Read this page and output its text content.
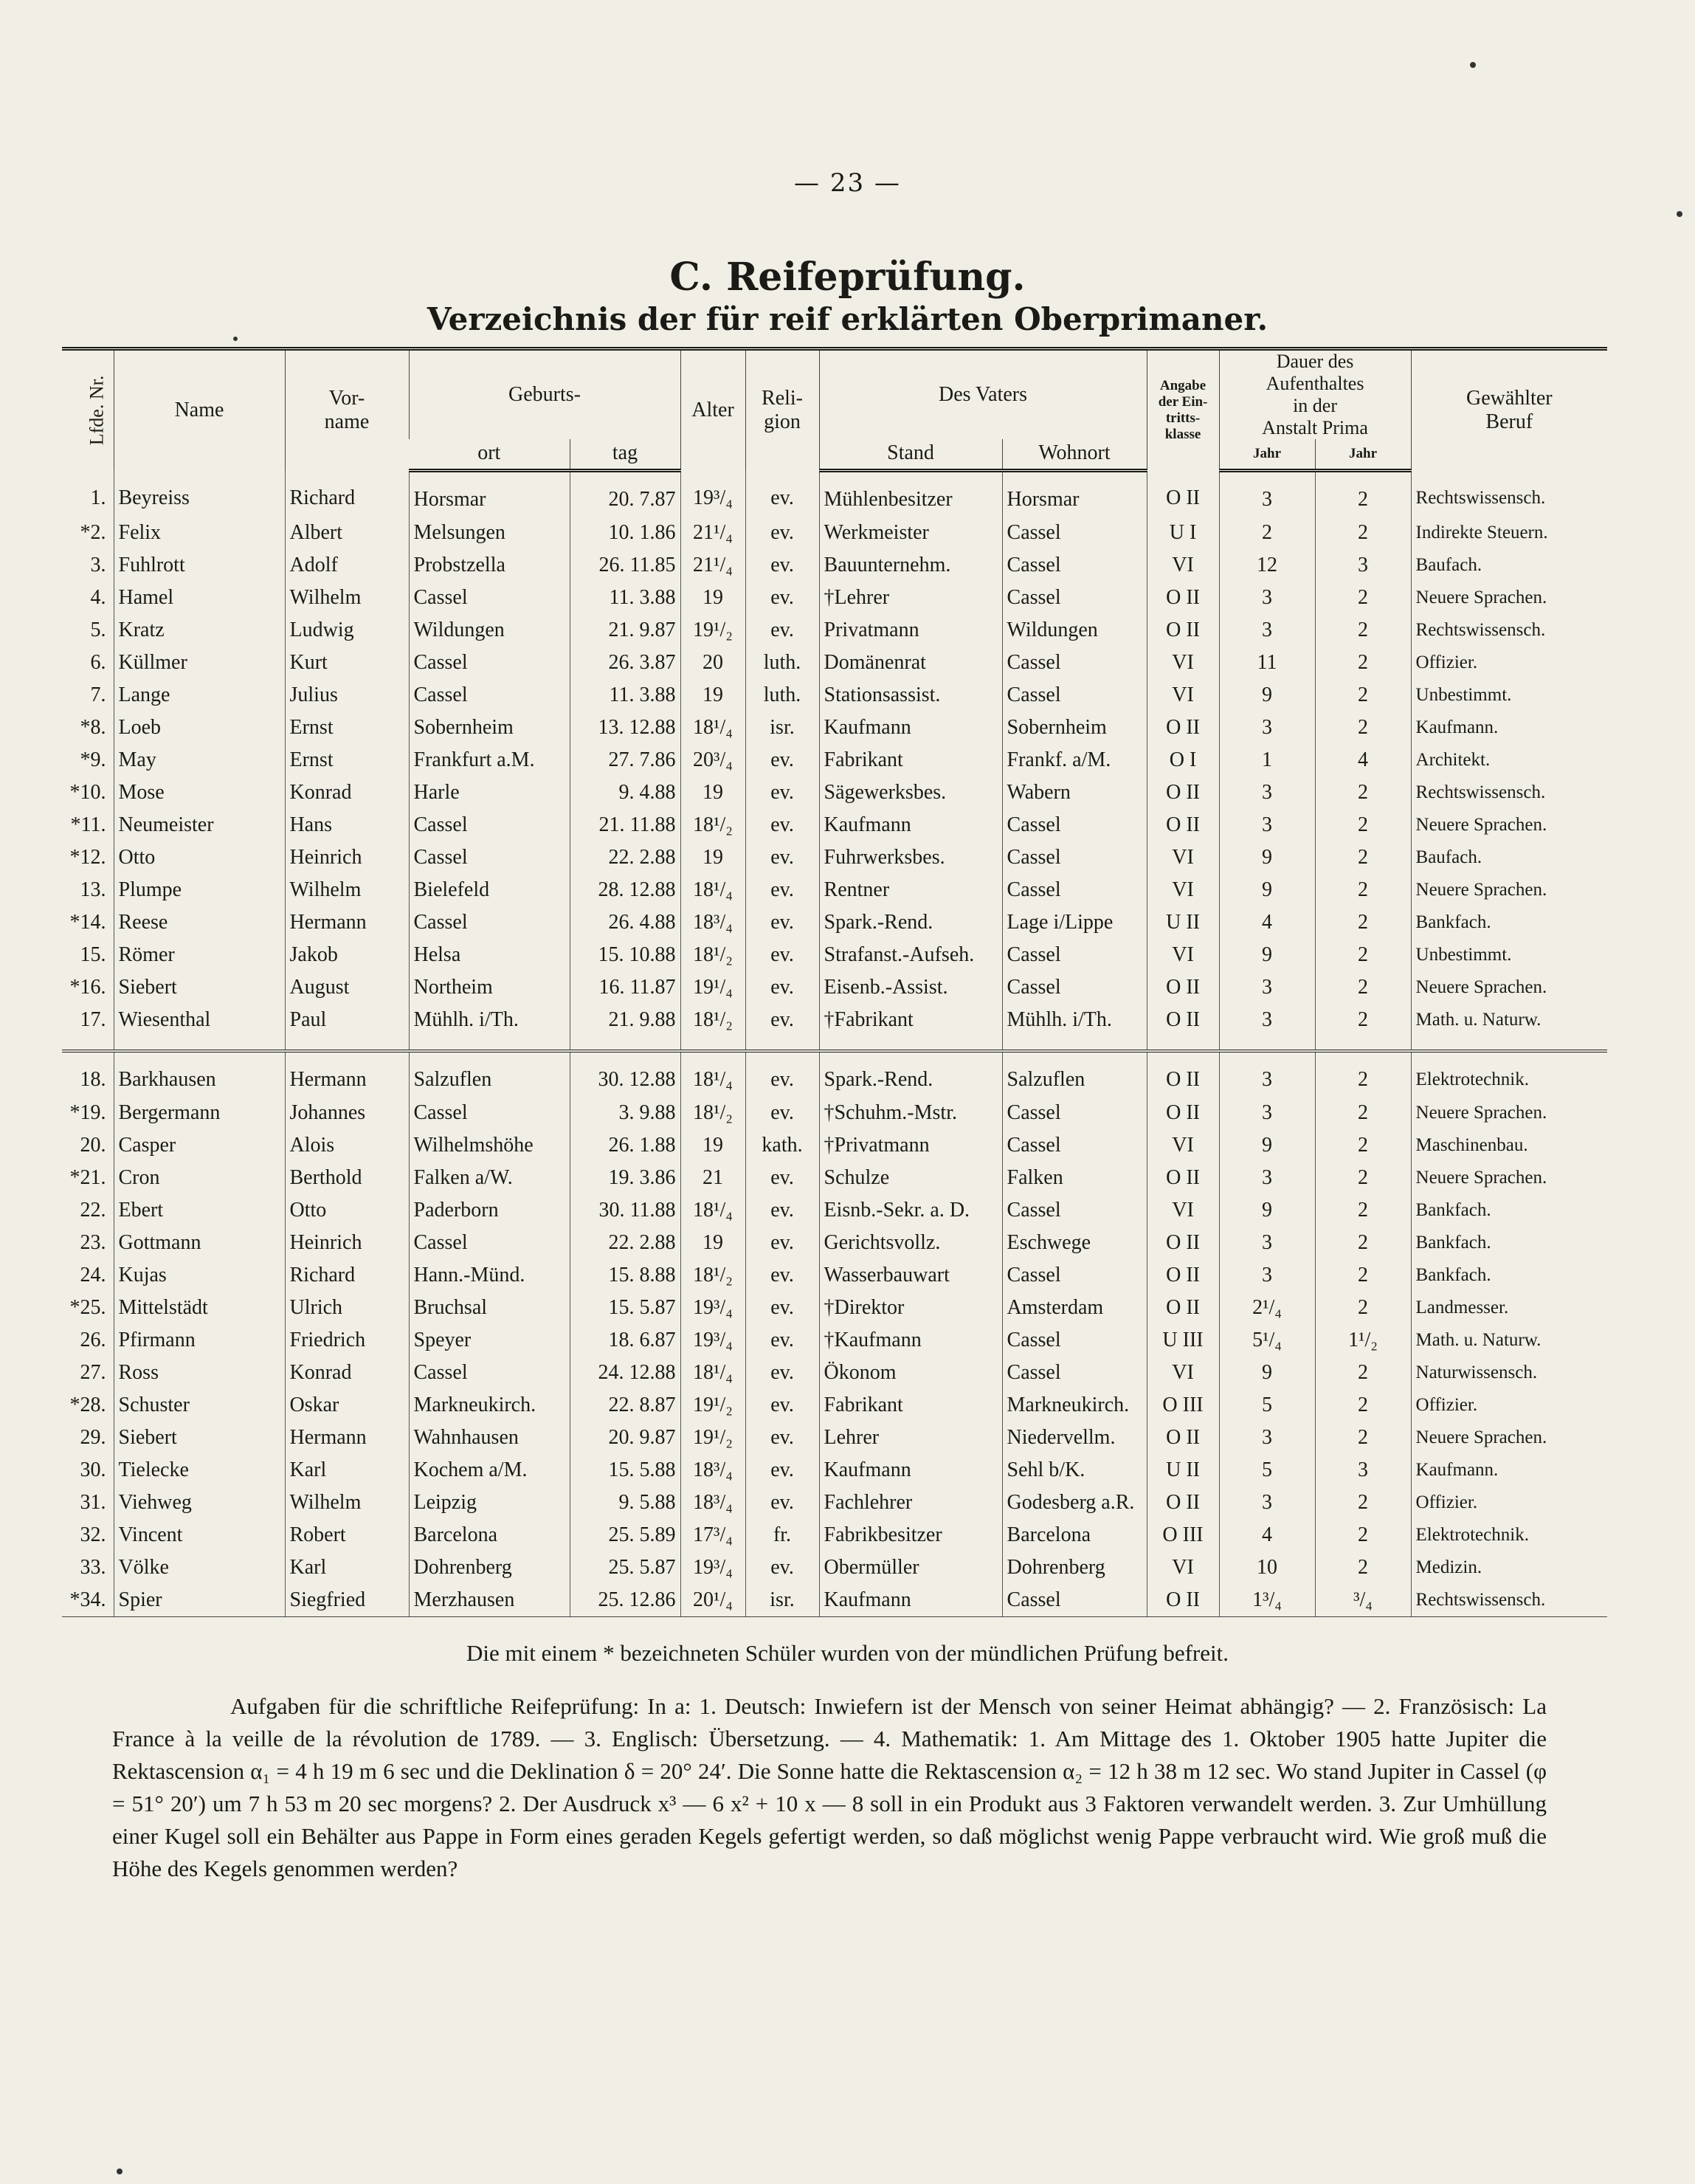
— 23 —
C. Reifeprüfung.
Verzeichnis der für reif erklärten Oberprimaner.
Lfde. Nr.	Name	Vor-
name	Geburts-		Alter	Reli-
gion	Des Vaters		Angabe
der Ein-
tritts-
klasse	Dauer des
Aufenthaltes
in der
Anstalt Prima		Gewählter
Beruf
			ort	tag			Stand	Wohnort		Jahr	Jahr	
1.	Beyreiss	Richard	Horsmar	20. 7.87	19³/₄	ev.	Mühlenbesitzer	Horsmar	O II	3	2	Rechtswissensch.
*2.	Felix	Albert	Melsungen	10. 1.86	21¹/₄	ev.	Werkmeister	Cassel	U I	2	2	Indirekte Steuern.
3.	Fuhlrott	Adolf	Probstzella	26. 11.85	21¹/₄	ev.	Bauunternehm.	Cassel	VI	12	3	Baufach.
4.	Hamel	Wilhelm	Cassel	11. 3.88	19	ev.	†Lehrer	Cassel	O II	3	2	Neuere Sprachen.
5.	Kratz	Ludwig	Wildungen	21. 9.87	19¹/₂	ev.	Privatmann	Wildungen	O II	3	2	Rechtswissensch.
6.	Küllmer	Kurt	Cassel	26. 3.87	20	luth.	Domänenrat	Cassel	VI	11	2	Offizier.
7.	Lange	Julius	Cassel	11. 3.88	19	luth.	Stationsassist.	Cassel	VI	9	2	Unbestimmt.
*8.	Loeb	Ernst	Sobernheim	13. 12.88	18¹/₄	isr.	Kaufmann	Sobernheim	O II	3	2	Kaufmann.
*9.	May	Ernst	Frankfurt a.M.	27. 7.86	20³/₄	ev.	Fabrikant	Frankf. a/M.	O I	1	4	Architekt.
*10.	Mose	Konrad	Harle	9. 4.88	19	ev.	Sägewerksbes.	Wabern	O II	3	2	Rechtswissensch.
*11.	Neumeister	Hans	Cassel	21. 11.88	18¹/₂	ev.	Kaufmann	Cassel	O II	3	2	Neuere Sprachen.
*12.	Otto	Heinrich	Cassel	22. 2.88	19	ev.	Fuhrwerksbes.	Cassel	VI	9	2	Baufach.
13.	Plumpe	Wilhelm	Bielefeld	28. 12.88	18¹/₄	ev.	Rentner	Cassel	VI	9	2	Neuere Sprachen.
*14.	Reese	Hermann	Cassel	26. 4.88	18³/₄	ev.	Spark.-Rend.	Lage i/Lippe	U II	4	2	Bankfach.
15.	Römer	Jakob	Helsa	15. 10.88	18¹/₂	ev.	Strafanst.-Aufseh.	Cassel	VI	9	2	Unbestimmt.
*16.	Siebert	August	Northeim	16. 11.87	19¹/₄	ev.	Eisenb.-Assist.	Cassel	O II	3	2	Neuere Sprachen.
17.	Wiesenthal	Paul	Mühlh. i/Th.	21. 9.88	18¹/₂	ev.	†Fabrikant	Mühlh. i/Th.	O II	3	2	Math. u. Naturw.

18.	Barkhausen	Hermann	Salzuflen	30. 12.88	18¹/₄	ev.	Spark.-Rend.	Salzuflen	O II	3	2	Elektrotechnik.
*19.	Bergermann	Johannes	Cassel	3. 9.88	18¹/₂	ev.	†Schuhm.-Mstr.	Cassel	O II	3	2	Neuere Sprachen.
20.	Casper	Alois	Wilhelmshöhe	26. 1.88	19	kath.	†Privatmann	Cassel	VI	9	2	Maschinenbau.
*21.	Cron	Berthold	Falken a/W.	19. 3.86	21	ev.	Schulze	Falken	O II	3	2	Neuere Sprachen.
22.	Ebert	Otto	Paderborn	30. 11.88	18¹/₄	ev.	Eisnb.-Sekr. a. D.	Cassel	VI	9	2	Bankfach.
23.	Gottmann	Heinrich	Cassel	22. 2.88	19	ev.	Gerichtsvollz.	Eschwege	O II	3	2	Bankfach.
24.	Kujas	Richard	Hann.-Münd.	15. 8.88	18¹/₂	ev.	Wasserbauwart	Cassel	O II	3	2	Bankfach.
*25.	Mittelstädt	Ulrich	Bruchsal	15. 5.87	19³/₄	ev.	†Direktor	Amsterdam	O II	2¹/₄	2	Landmesser.
26.	Pfirmann	Friedrich	Speyer	18. 6.87	19³/₄	ev.	†Kaufmann	Cassel	U III	5¹/₄	1¹/₂	Math. u. Naturw.
27.	Ross	Konrad	Cassel	24. 12.88	18¹/₄	ev.	Ökonom	Cassel	VI	9	2	Naturwissensch.
*28.	Schuster	Oskar	Markneukirch.	22. 8.87	19¹/₂	ev.	Fabrikant	Markneukirch.	O III	5	2	Offizier.
29.	Siebert	Hermann	Wahnhausen	20. 9.87	19¹/₂	ev.	Lehrer	Niedervellm.	O II	3	2	Neuere Sprachen.
30.	Tielecke	Karl	Kochem a/M.	15. 5.88	18³/₄	ev.	Kaufmann	Sehl b/K.	U II	5	3	Kaufmann.
31.	Viehweg	Wilhelm	Leipzig	9. 5.88	18³/₄	ev.	Fachlehrer	Godesberg a.R.	O II	3	2	Offizier.
32.	Vincent	Robert	Barcelona	25. 5.89	17³/₄	fr.	Fabrikbesitzer	Barcelona	O III	4	2	Elektrotechnik.
33.	Völke	Karl	Dohrenberg	25. 5.87	19³/₄	ev.	Obermüller	Dohrenberg	VI	10	2	Medizin.
*34.	Spier	Siegfried	Merzhausen	25. 12.86	20¹/₄	isr.	Kaufmann	Cassel	O II	1³/₄	³/₄	Rechtswissensch.
Die mit einem * bezeichneten Schüler wurden von der mündlichen Prüfung befreit.
Aufgaben für die schriftliche Reifeprüfung: In a: 1. Deutsch: Inwiefern ist der Mensch von seiner Heimat abhängig? — 2. Französisch: La France à la veille de la révolution de 1789. — 3. Englisch: Übersetzung. — 4. Mathematik: 1. Am Mittage des 1. Oktober 1905 hatte Jupiter die Rektascension α₁ = 4 h 19 m 6 sec und die Deklination δ = 20° 24′. Die Sonne hatte die Rektascension α₂ = 12 h 38 m 12 sec. Wo stand Jupiter in Cassel (φ = 51° 20′) um 7 h 53 m 20 sec morgens? 2. Der Ausdruck x³ — 6 x² + 10 x — 8 soll in ein Produkt aus 3 Faktoren verwandelt werden. 3. Zur Umhüllung einer Kugel soll ein Behälter aus Pappe in Form eines geraden Kegels gefertigt werden, so daß möglichst wenig Pappe verbraucht wird. Wie groß muß die Höhe des Kegels genommen werden?
